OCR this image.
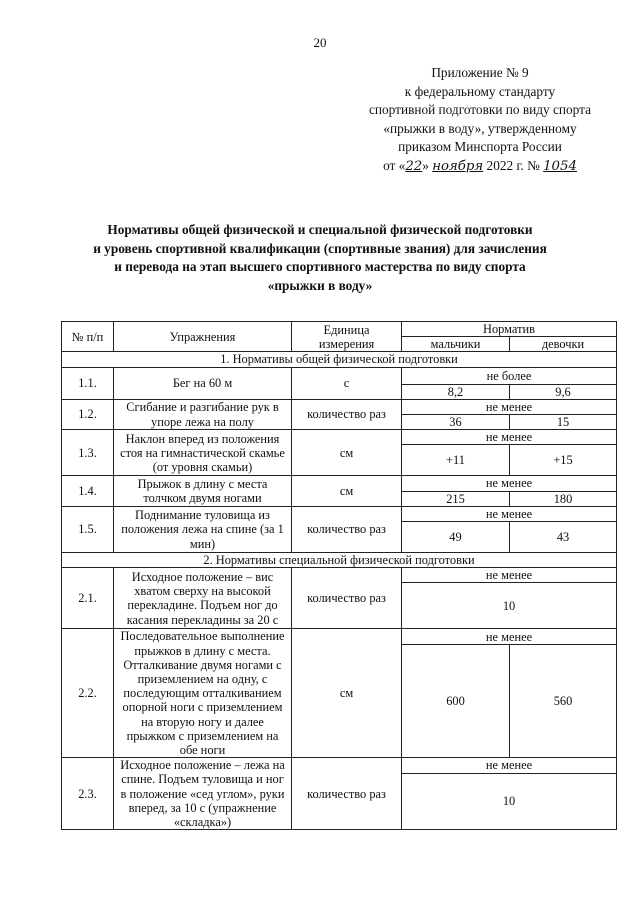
20
Приложение № 9
к федеральному стандарту
спортивной подготовки по виду спорта
«прыжки в воду», утвержденному
приказом Минспорта России
от «22» ноября 2022 г. № 1054
Нормативы общей физической и специальной физической подготовки
и уровень спортивной квалификации (спортивные звания) для зачисления
и перевода на этап высшего спортивного мастерства по виду спорта
«прыжки в воду»
№ п/п	Упражнения	Единица измерения	Норматив	
			мальчики	девочки
1. Нормативы общей физической подготовки				
1.1.	Бег на 60 м	с	не более	
			8,2	9,6
1.2.	Сгибание и разгибание рук в упоре лежа на полу	количество раз	не менее	
			36	15
1.3.	Наклон вперед из положения стоя на гимнастической скамье (от уровня скамьи)	см	не менее	
			+11	+15
1.4.	Прыжок в длину с места толчком двумя ногами	см	не менее	
			215	180
1.5.	Поднимание туловища из положения лежа на спине (за 1 мин)	количество раз	не менее	
			49	43
2. Нормативы специальной физической подготовки				
2.1.	Исходное положение – вис хватом сверху на высокой перекладине. Подъем ног до касания перекладины за 20 с	количество раз	не менее	
			10	
2.2.	Последовательное выполнение прыжков в длину с места. Отталкивание двумя ногами с приземлением на одну, с последующим отталкиванием опорной ноги с приземлением на вторую ногу и далее прыжком с приземлением на обе ноги	см	не менее	
			600	560
2.3.	Исходное положение – лежа на спине. Подъем туловища и ног в положение «сед углом», руки вперед, за 10 с (упражнение «складка»)	количество раз	не менее	
			10	
